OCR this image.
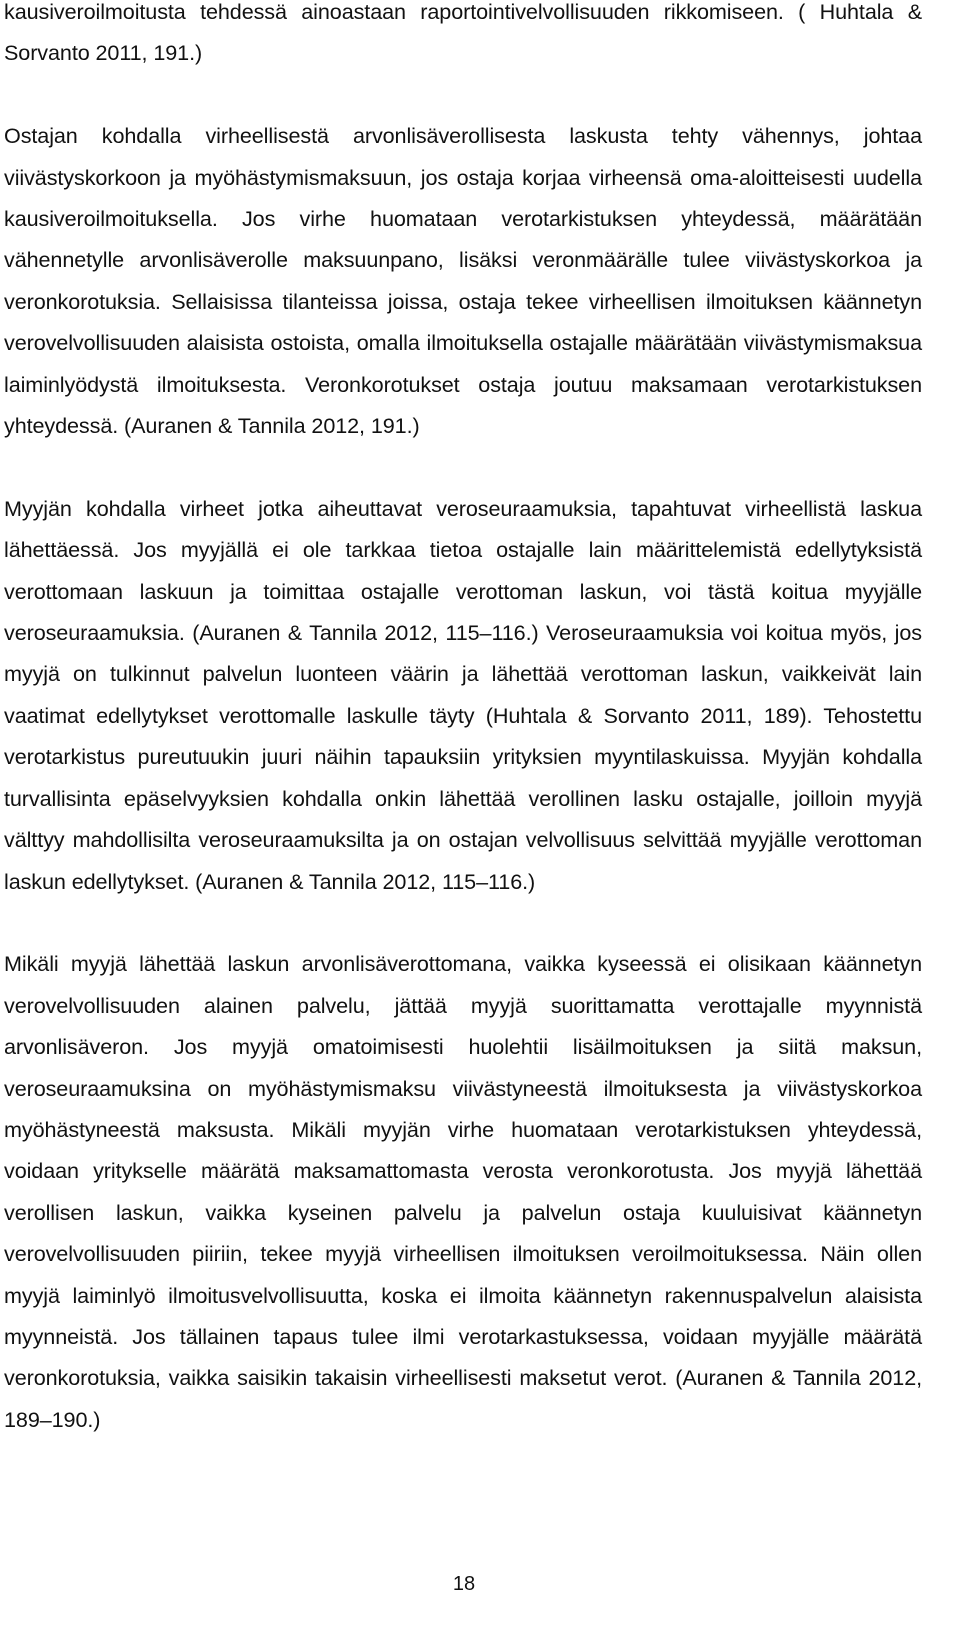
kausiveroilmoitusta tehdessä ainoastaan raportointivelvollisuuden rikkomiseen. ( Huhtala & Sorvanto 2011, 191.)

Ostajan kohdalla virheellisestä arvonlisäverollisesta laskusta tehty vähennys, johtaa viivästyskorkoon ja myöhästymismaksuun, jos ostaja korjaa virheensä oma-aloitteisesti uudella kausiveroilmoituksella. Jos virhe huomataan verotarkistuksen yhteydessä, määrätään vähennetylle arvonlisäverolle maksuunpano, lisäksi veronmäärälle tulee viivästyskorkoa ja veronkorotuksia. Sellaisissa tilanteissa joissa, ostaja tekee virheellisen ilmoituksen käännetyn verovelvollisuuden alaisista ostoista, omalla ilmoituksella ostajalle määrätään viivästymismaksua laiminlyödystä ilmoituksesta. Veronkorotukset ostaja joutuu maksamaan verotarkistuksen yhteydessä. (Auranen & Tannila 2012, 191.)

Myyjän kohdalla virheet jotka aiheuttavat veroseuraamuksia, tapahtuvat virheellistä laskua lähettäessä. Jos myyjällä ei ole tarkkaa tietoa ostajalle lain määrittelemistä edellytyksistä verottomaan laskuun ja toimittaa ostajalle verottoman laskun, voi tästä koitua myyjälle veroseuraamuksia. (Auranen & Tannila 2012, 115–116.) Veroseuraamuksia voi koitua myös, jos myyjä on tulkinnut palvelun luonteen väärin ja lähettää verottoman laskun, vaikkeivät lain vaatimat edellytykset verottomalle laskulle täyty (Huhtala & Sorvanto 2011, 189). Tehostettu verotarkistus pureutuukin juuri näihin tapauksiin yrityksien myyntilaskuissa. Myyjän kohdalla turvallisinta epäselvyyksien kohdalla onkin lähettää verollinen lasku ostajalle, joilloin myyjä välttyy mahdollisilta veroseuraamuksilta ja on ostajan velvollisuus selvittää myyjälle verottoman laskun edellytykset. (Auranen & Tannila 2012, 115–116.)

Mikäli myyjä lähettää laskun arvonlisäverottomana, vaikka kyseessä ei olisikaan käännetyn verovelvollisuuden alainen palvelu, jättää myyjä suorittamatta verottajalle myynnistä arvonlisäveron. Jos myyjä omatoimisesti huolehtii lisäilmoituksen ja siitä maksun, veroseuraamuksina on myöhästymismaksu viivästyneestä ilmoituksesta ja viivästyskorkoa myöhästyneestä maksusta. Mikäli myyjän virhe huomataan verotarkistuksen yhteydessä, voidaan yritykselle määrätä maksamattomasta verosta veronkorotusta. Jos myyjä lähettää verollisen laskun, vaikka kyseinen palvelu ja palvelun ostaja kuuluisivat käännetyn verovelvollisuuden piiriin, tekee myyjä virheellisen ilmoituksen veroilmoituksessa. Näin ollen myyjä laiminlyö ilmoitusvelvollisuutta, koska ei ilmoita käännetyn rakennuspalvelun alaisista myynneistä. Jos tällainen tapaus tulee ilmi verotarkastuksessa, voidaan myyjälle määrätä veronkorotuksia, vaikka saisikin takaisin virheellisesti maksetut verot. (Auranen & Tannila 2012, 189–190.)

18
